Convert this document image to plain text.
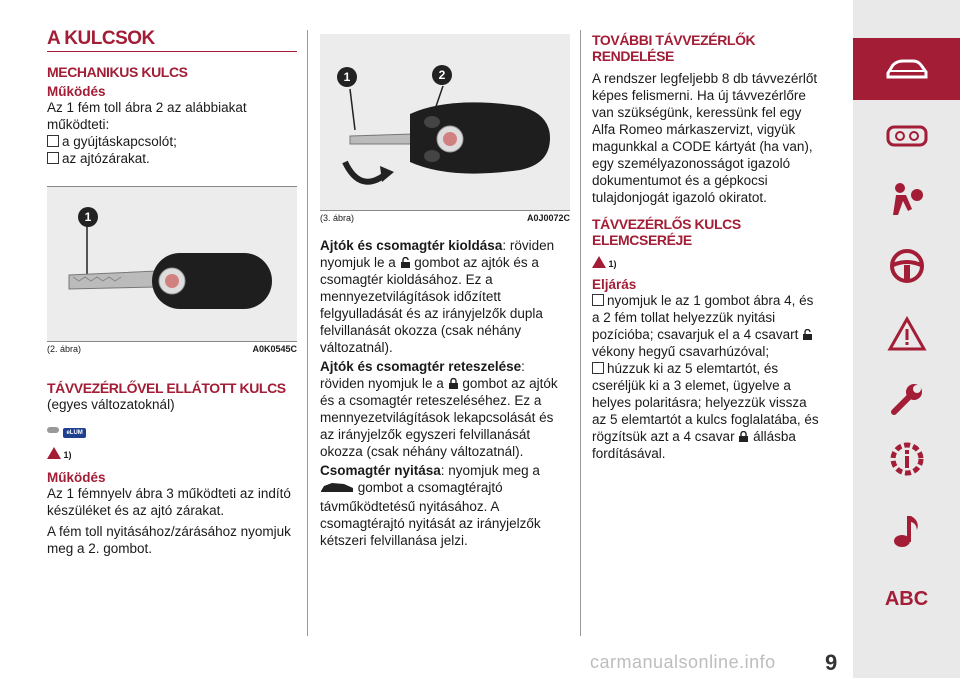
A KULCSOK
MECHANIKUS KULCS
Működés

Az 1 fém toll ábra 2 az alábbiakat működteti:

a gyújtáskapcsolót;
az ajtózárakat.
1
(2. ábra)	A0K0545C
TÁVVEZÉRLŐVEL ELLÁTOTT KULCS

(egyes változatoknál)

eLUM
1)
Működés

Az 1 fémnyelv ábra 3 működteti az indító készüléket és az ajtó zárakat.

A fém toll nyitásához/zárásához nyomjuk meg a 2. gombot.

1	2
(3. ábra)	A0J0072C

Ajtók és csomagtér kioldása: röviden nyomjuk le a  gombot az ajtók és a csomagtér kioldásához. Ez a mennyezetvilágítások időzített felgyulladását és az irányjelzők dupla felvillanását okozza (csak néhány változatnál).

Ajtók és csomagtér reteszelése: röviden nyomjuk le a  gombot az ajtók és a csomagtér reteszeléséhez. Ez a mennyezetvilágítások lekapcsolását és az irányjelzők egyszeri felvillanását okozza (csak néhány változatnál).

Csomagtér nyitása: nyomjuk meg a  gombot a csomagtérajtó távműködtetésű nyitásához. A csomagtérajtó nyitását az irányjelzők kétszeri felvillanása jelzi.

TOVÁBBI TÁVVEZÉRLŐK RENDELÉSE

A rendszer legfeljebb 8 db távvezérlőt képes felismerni. Ha új távvezérlőre van szükségünk, keressünk fel egy Alfa Romeo márkaszervizt, vigyük magunkkal a CODE kártyát (ha van), egy személyazonosságot igazoló dokumentumot és a gépkocsi tulajdonjogát igazoló okiratot.

TÁVVEZÉRLŐS KULCS ELEMCSERÉJE
1)
Eljárás
nyomjuk le az 1 gombot ábra 4, és a 2 fém tollat helyezzük nyitási pozícióba; csavarjuk el a 4 csavart  vékony hegyű csavarhúzóval;
húzzuk ki az 5 elemtartót, és cseréljük ki a 3 elemet, ügyelve a helyes polaritásra; helyezzük vissza az 5 elemtartót a kulcs foglalatába, és rögzítsük azt a 4 csavar  állásba fordításával.
ABC
9
carmanualsonline.info
